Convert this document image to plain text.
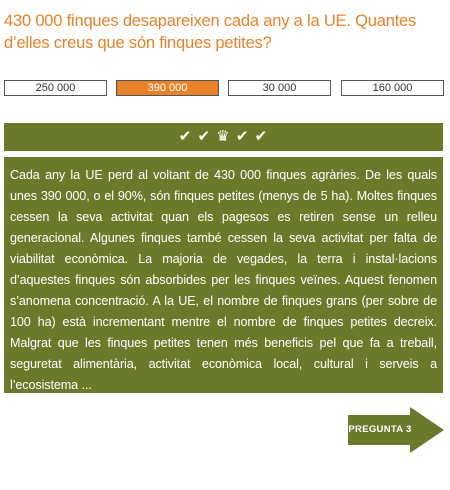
430 000 finques desapareixen cada any a la UE. Quantes d’elles creus que són finques petites?
250 000	390 000	30 000	160 000
✔ ✔ ♛ ✔ ✔
Cada any la UE perd al voltant de 430 000 finques agràries. De les quals unes 390 000, o el 90%, són finques petites (menys de 5 ha). Moltes finques cessen la seva activitat quan els pagesos es retiren sense un relleu generacional. Algunes finques també cessen la seva activitat per falta de viabilitat econòmica. La majoria de vegades, la terra i instal·lacions d’aquestes finques són absorbides per les finques veïnes. Aquest fenomen s’anomena concentració. A la UE, el nombre de finques grans (per sobre de 100 ha) està incrementant mentre el nombre de finques petites decreix. Malgrat que les finques petites tenen més beneficis pel que fa a treball, seguretat alimentària, activitat econòmica local, cultural i serveis a l’ecosistema ...
PREGUNTA 3
